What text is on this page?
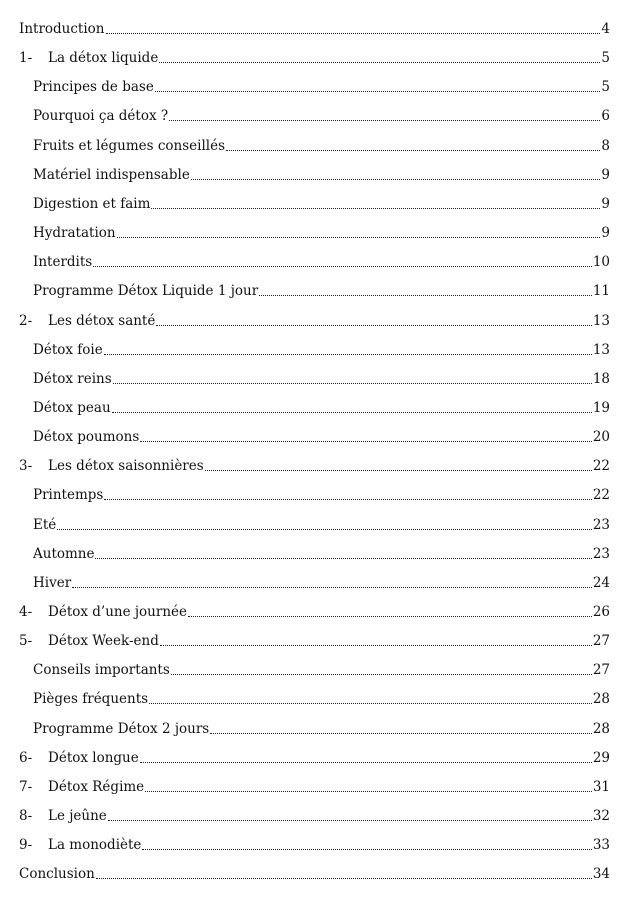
Introduction	4
1-	La détox liquide	5
Principes de base	5
Pourquoi ça détox ?	6
Fruits et légumes conseillés	8
Matériel indispensable	9
Digestion et faim	9
Hydratation	9
Interdits	10
Programme Détox Liquide 1 jour	11
2-	Les détox santé	13
Détox foie	13
Détox reins	18
Détox peau	19
Détox poumons	20
3-	Les détox saisonnières	22
Printemps	22
Eté	23
Automne	23
Hiver	24
4-	Détox d’une journée	26
5-	Détox Week-end	27
Conseils importants	27
Pièges fréquents	28
Programme Détox 2 jours	28
6-	Détox longue	29
7-	Détox Régime	31
8-	Le jeûne	32
9-	La monodiète	33
Conclusion	34
